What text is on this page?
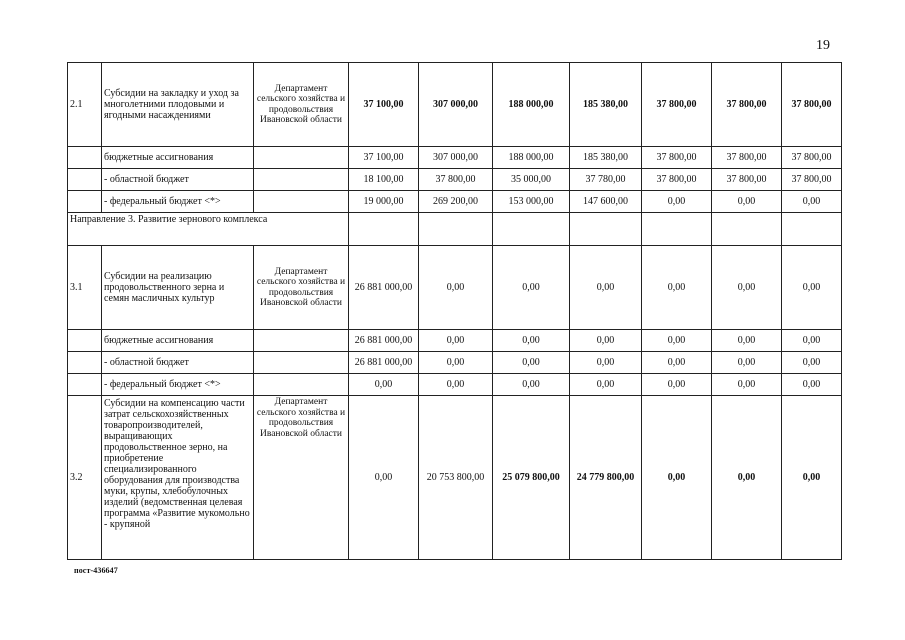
19
2.1	Субсидии на закладку и уход за многолетними плодовыми и ягодными насаждениями	Департамент сельского хозяйства и продовольствия Ивановской области	37 100,00	307 000,00	188 000,00	185 380,00	37 800,00	37 800,00	37 800,00
	бюджетные ассигнования		37 100,00	307 000,00	188 000,00	185 380,00	37 800,00	37 800,00	37 800,00
	- областной бюджет		18 100,00	37 800,00	35 000,00	37 780,00	37 800,00	37 800,00	37 800,00
	- федеральный бюджет <*>		19 000,00	269 200,00	153 000,00	147 600,00	0,00	0,00	0,00
Направление 3. Развитие зернового комплекса									
3.1	Субсидии на реализацию продовольственного зерна и семян масличных культур	Департамент сельского хозяйства и продовольствия Ивановской области	26 881 000,00	0,00	0,00	0,00	0,00	0,00	0,00
	бюджетные ассигнования		26 881 000,00	0,00	0,00	0,00	0,00	0,00	0,00
	- областной бюджет		26 881 000,00	0,00	0,00	0,00	0,00	0,00	0,00
	- федеральный бюджет <*>		0,00	0,00	0,00	0,00	0,00	0,00	0,00
3.2	Субсидии на компенсацию части затрат сельскохозяйственных товаропроизводителей, выращивающих продовольственное зерно, на приобретение специализированного оборудования для производства муки, крупы, хлебобулочных изделий (ведомственная целевая программа «Развитие мукомольно - крупяной	Департамент сельского хозяйства и продовольствия Ивановской области	0,00	20 753 800,00	25 079 800,00	24 779 800,00	0,00	0,00	0,00
пост-436647
